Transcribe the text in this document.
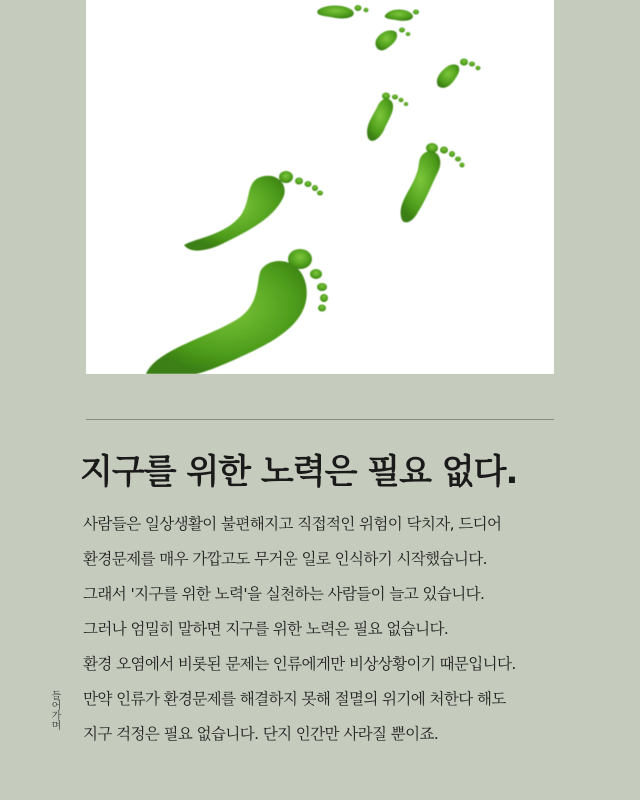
지구를 위한 노력은 필요 없다.
사람들은 일상생활이 불편해지고 직접적인 위험이 닥치자, 드디어
환경문제를 매우 가깝고도 무거운 일로 인식하기 시작했습니다.
그래서 '지구를 위한 노력'을 실천하는 사람들이 늘고 있습니다.
그러나 엄밀히 말하면 지구를 위한 노력은 필요 없습니다.
환경 오염에서 비롯된 문제는 인류에게만 비상상황이기 때문입니다.
만약 인류가 환경문제를 해결하지 못해 절멸의 위기에 처한다 해도
지구 걱정은 필요 없습니다. 단지 인간만 사라질 뿐이죠.
들어가며
